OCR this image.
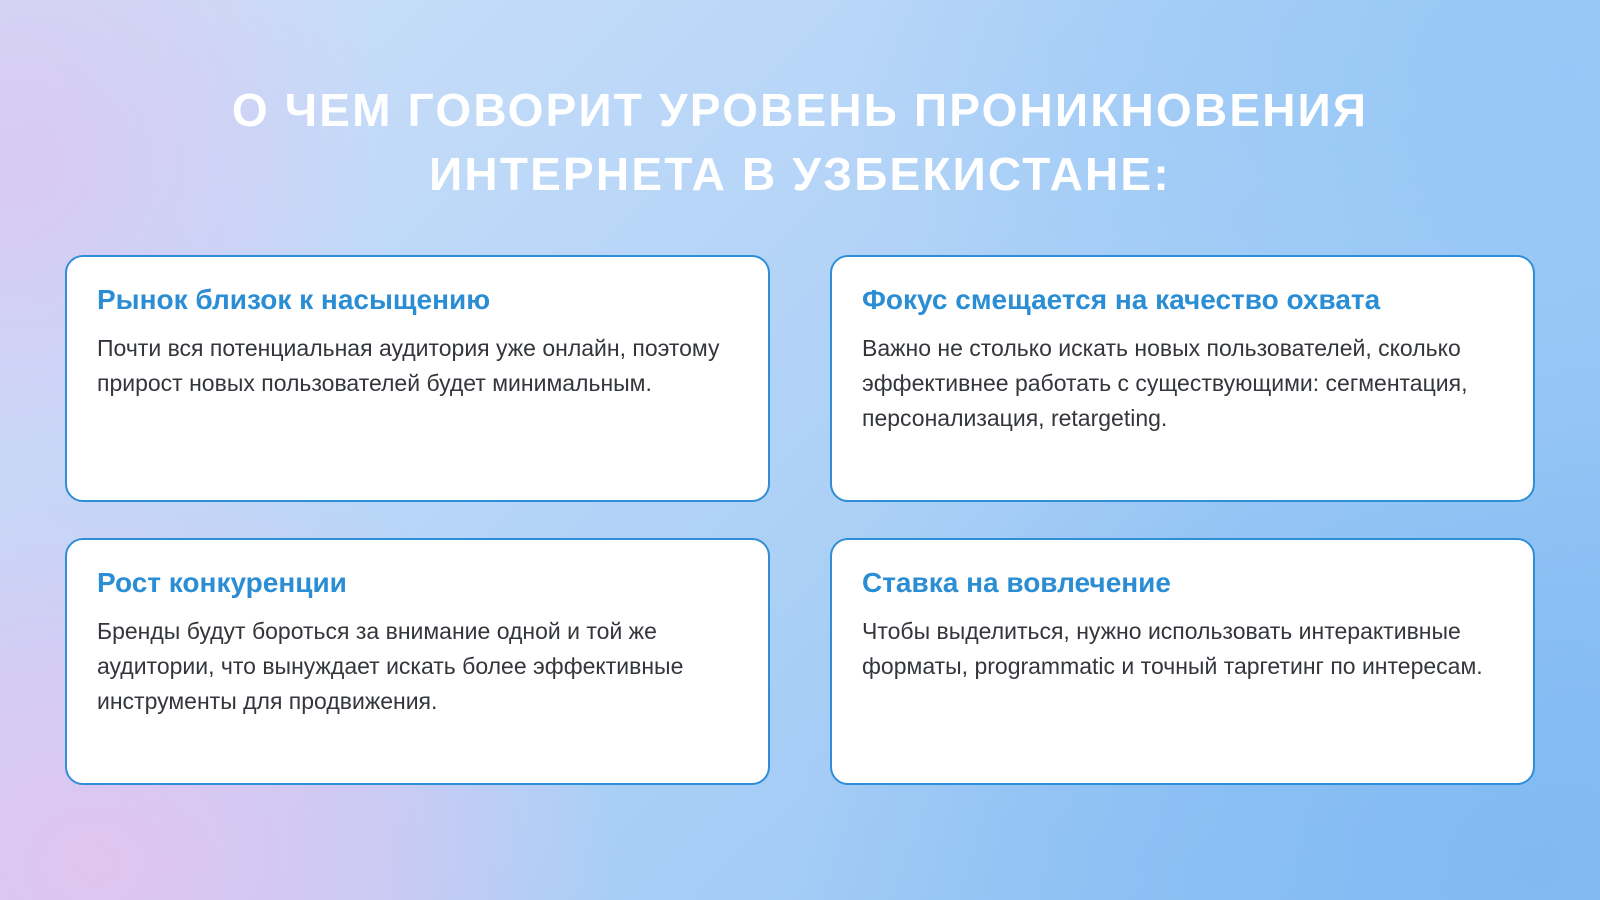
О ЧЕМ ГОВОРИТ УРОВЕНЬ ПРОНИКНОВЕНИЯ
ИНТЕРНЕТА В УЗБЕКИСТАНЕ:

Рынок близок к насыщению

Почти вся потенциальная аудитория уже онлайн, поэтому прирост новых пользователей будет минимальным.

Фокус смещается на качество охвата

Важно не столько искать новых пользователей, сколько эффективнее работать с существующими: сегментация, персонализация, retargeting.

Рост конкуренции

Бренды будут бороться за внимание одной и той же аудитории, что вынуждает искать более эффективные инструменты для продвижения.

Ставка на вовлечение

Чтобы выделиться, нужно использовать интерактивные форматы, programmatic и точный таргетинг по интересам.
